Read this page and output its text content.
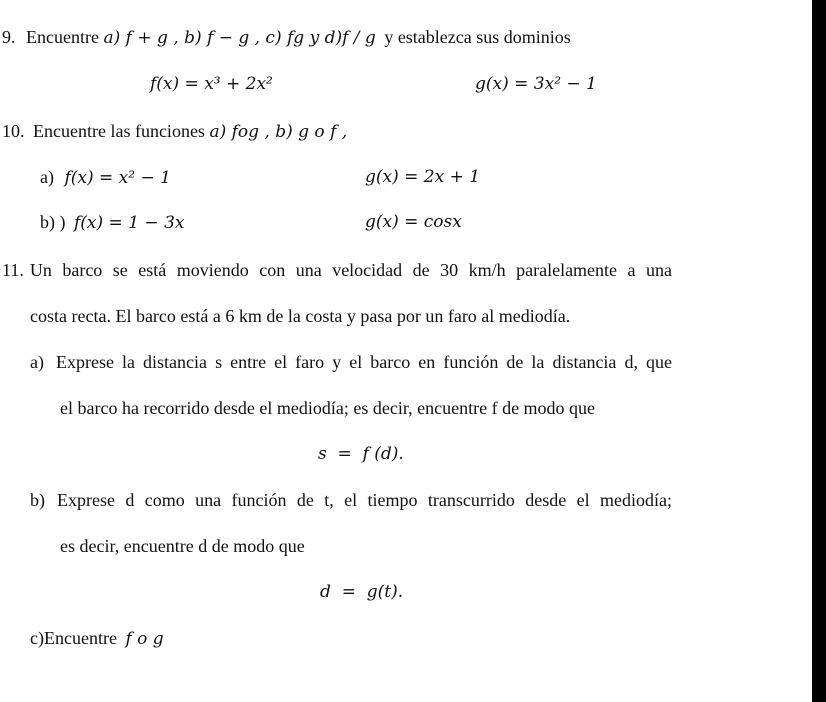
9. Encuentre a) f + g , b) f − g , c) fg y d)f / g y establezca sus dominios
f(x) = x³ + 2x²	g(x) = 3x² − 1
10. Encuentre las funciones a) fog , b) g o f ,
a) f(x) = x² − 1	g(x) = 2x + 1
b) ) f(x) = 1 − 3x	g(x) = cosx
11. Un barco se está moviendo con una velocidad de 30 km/h paralelamente a una
costa recta. El barco está a 6 km de la costa y pasa por un faro al mediodía.
a) Exprese la distancia s entre el faro y el barco en función de la distancia d, que
el barco ha recorrido desde el mediodía; es decir, encuentre f de modo que
s  =  f (d).
b) Exprese d como una función de t, el tiempo transcurrido desde el mediodía;
es decir, encuentre d de modo que
d  =  g(t).
c)Encuentre f o g
